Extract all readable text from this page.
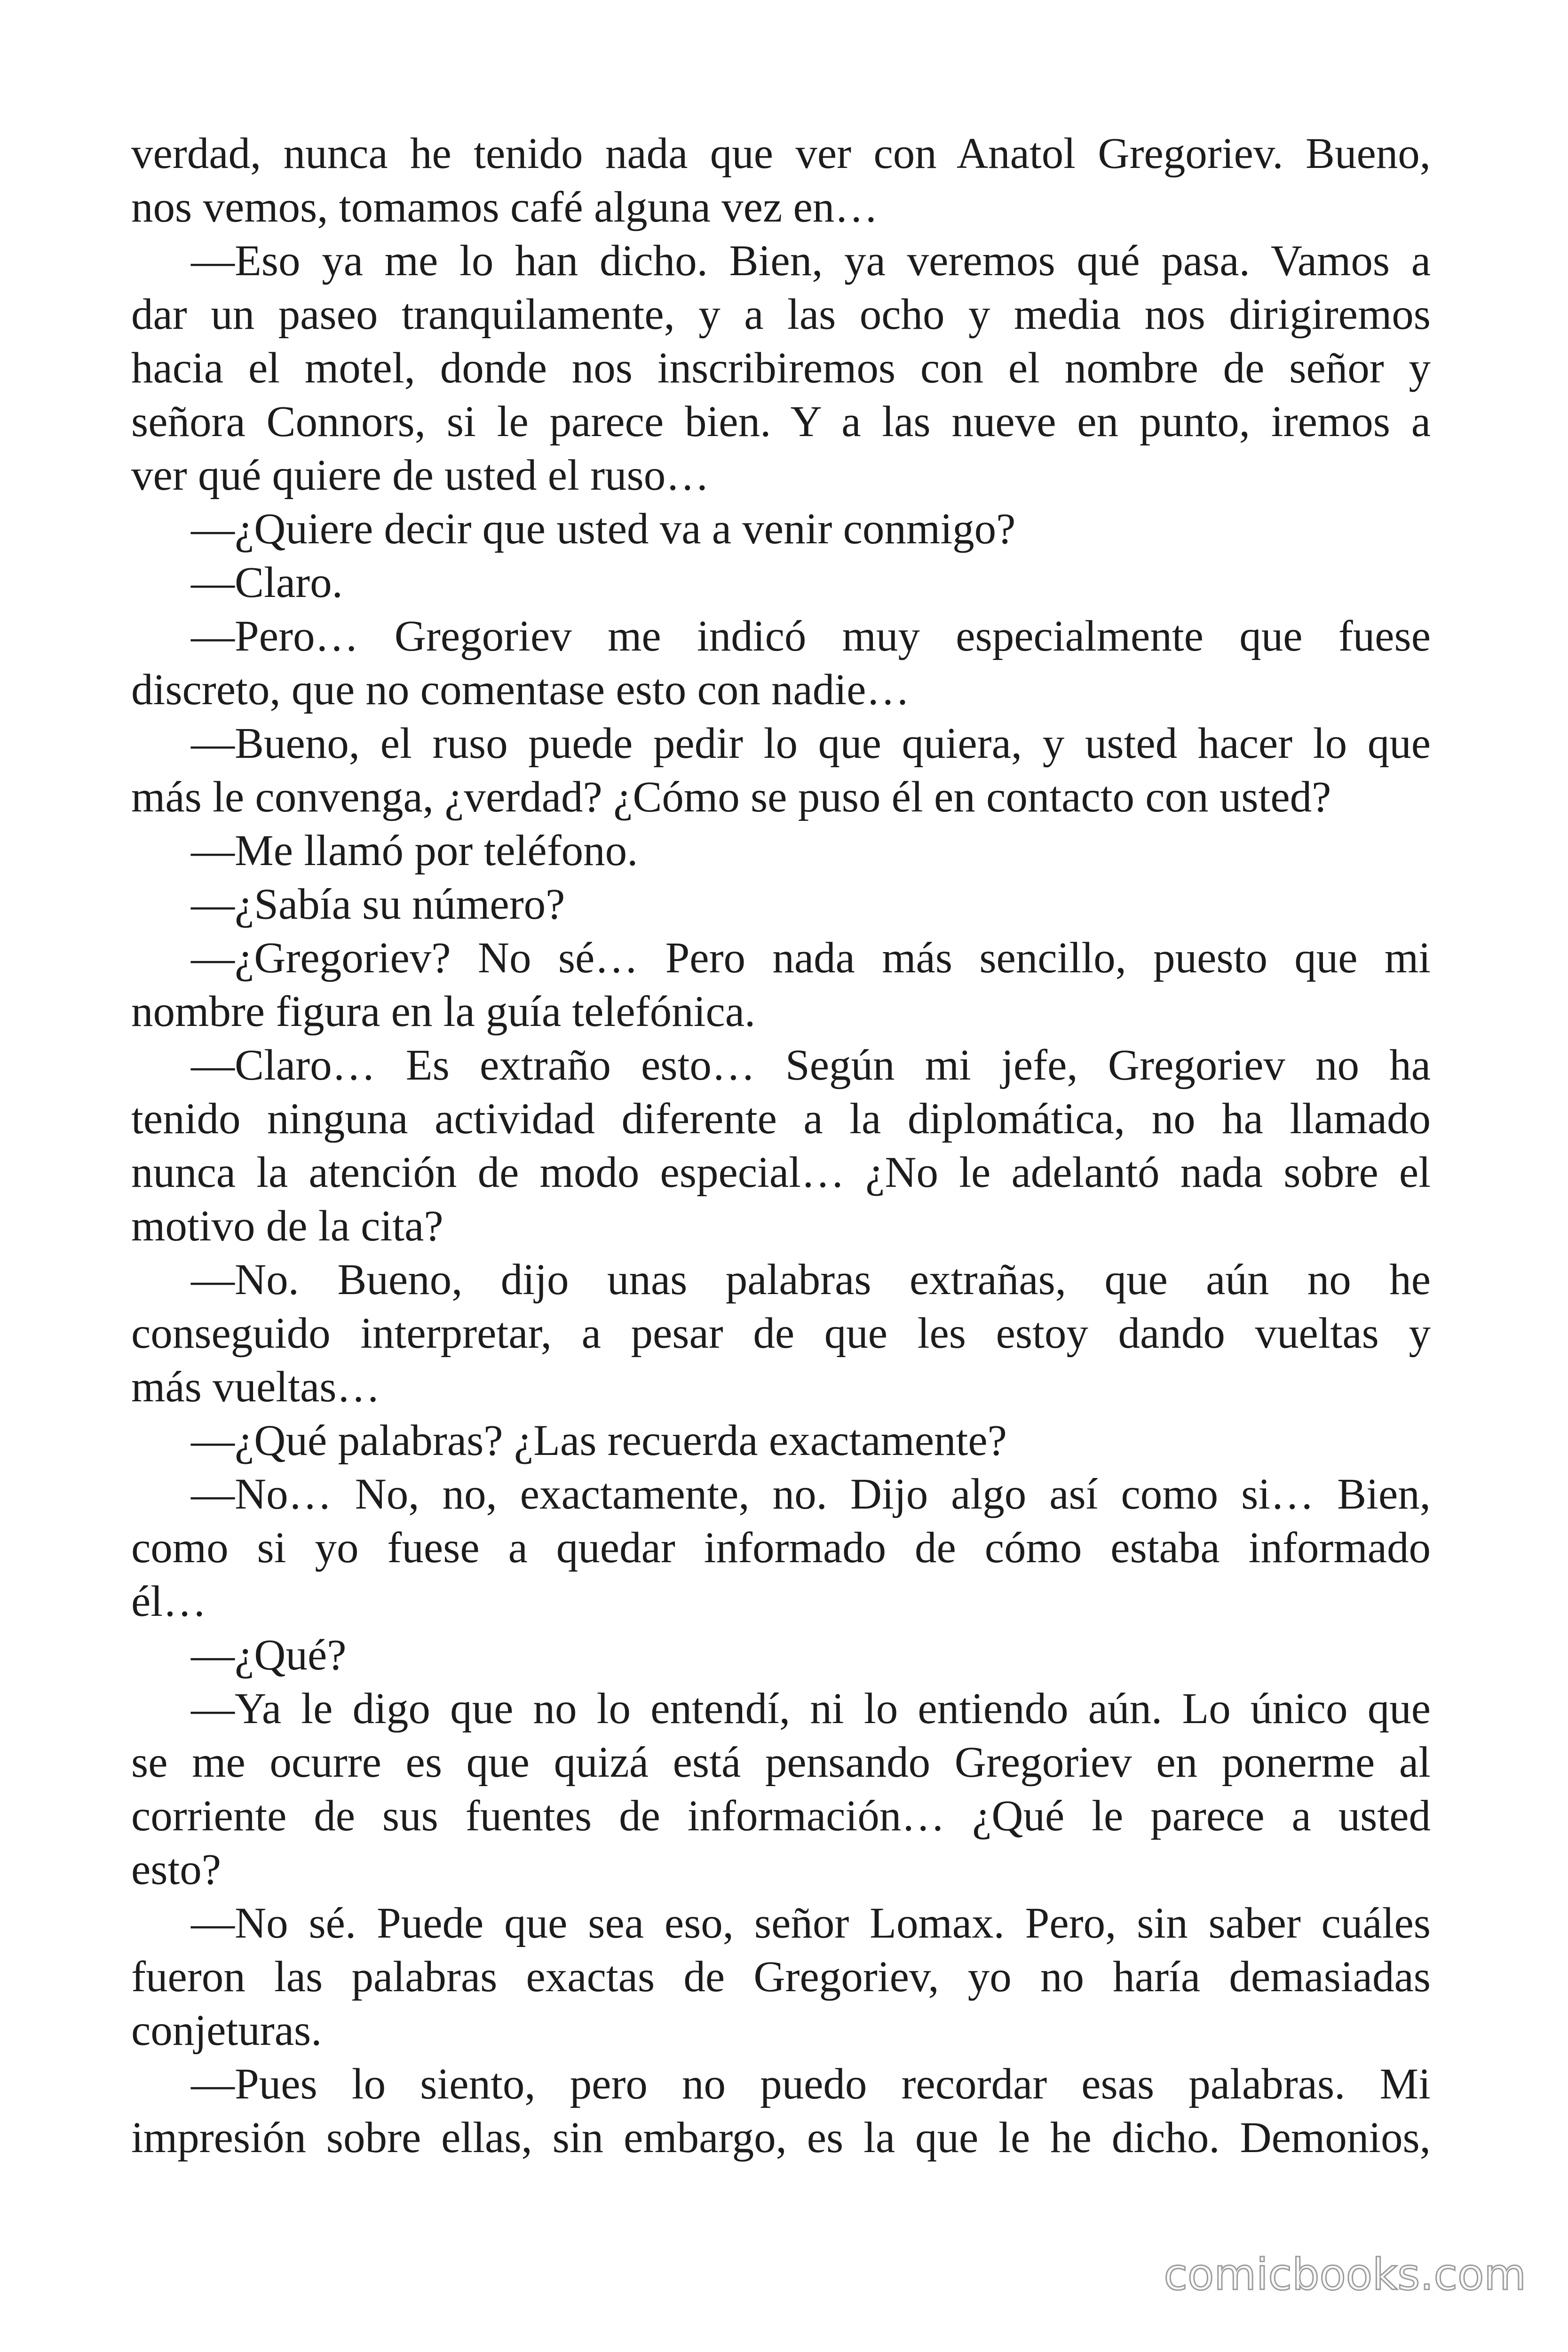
verdad, nunca he tenido nada que ver con Anatol Gregoriev. Bueno,
nos vemos, tomamos café alguna vez en…
—Eso ya me lo han dicho. Bien, ya veremos qué pasa. Vamos a
dar un paseo tranquilamente, y a las ocho y media nos dirigiremos
hacia el motel, donde nos inscribiremos con el nombre de señor y
señora Connors, si le parece bien. Y a las nueve en punto, iremos a
ver qué quiere de usted el ruso…
—¿Quiere decir que usted va a venir conmigo?
—Claro.
—Pero… Gregoriev me indicó muy especialmente que fuese
discreto, que no comentase esto con nadie…
—Bueno, el ruso puede pedir lo que quiera, y usted hacer lo que
más le convenga, ¿verdad? ¿Cómo se puso él en contacto con usted?
—Me llamó por teléfono.
—¿Sabía su número?
—¿Gregoriev? No sé… Pero nada más sencillo, puesto que mi
nombre figura en la guía telefónica.
—Claro… Es extraño esto… Según mi jefe, Gregoriev no ha
tenido ninguna actividad diferente a la diplomática, no ha llamado
nunca la atención de modo especial… ¿No le adelantó nada sobre el
motivo de la cita?
—No. Bueno, dijo unas palabras extrañas, que aún no he
conseguido interpretar, a pesar de que les estoy dando vueltas y
más vueltas…
—¿Qué palabras? ¿Las recuerda exactamente?
—No… No, no, exactamente, no. Dijo algo así como si… Bien,
como si yo fuese a quedar informado de cómo estaba informado
él…
—¿Qué?
—Ya le digo que no lo entendí, ni lo entiendo aún. Lo único que
se me ocurre es que quizá está pensando Gregoriev en ponerme al
corriente de sus fuentes de información… ¿Qué le parece a usted
esto?
—No sé. Puede que sea eso, señor Lomax. Pero, sin saber cuáles
fueron las palabras exactas de Gregoriev, yo no haría demasiadas
conjeturas.
—Pues lo siento, pero no puedo recordar esas palabras. Mi
impresión sobre ellas, sin embargo, es la que le he dicho. Demonios,
comicbooks.com
